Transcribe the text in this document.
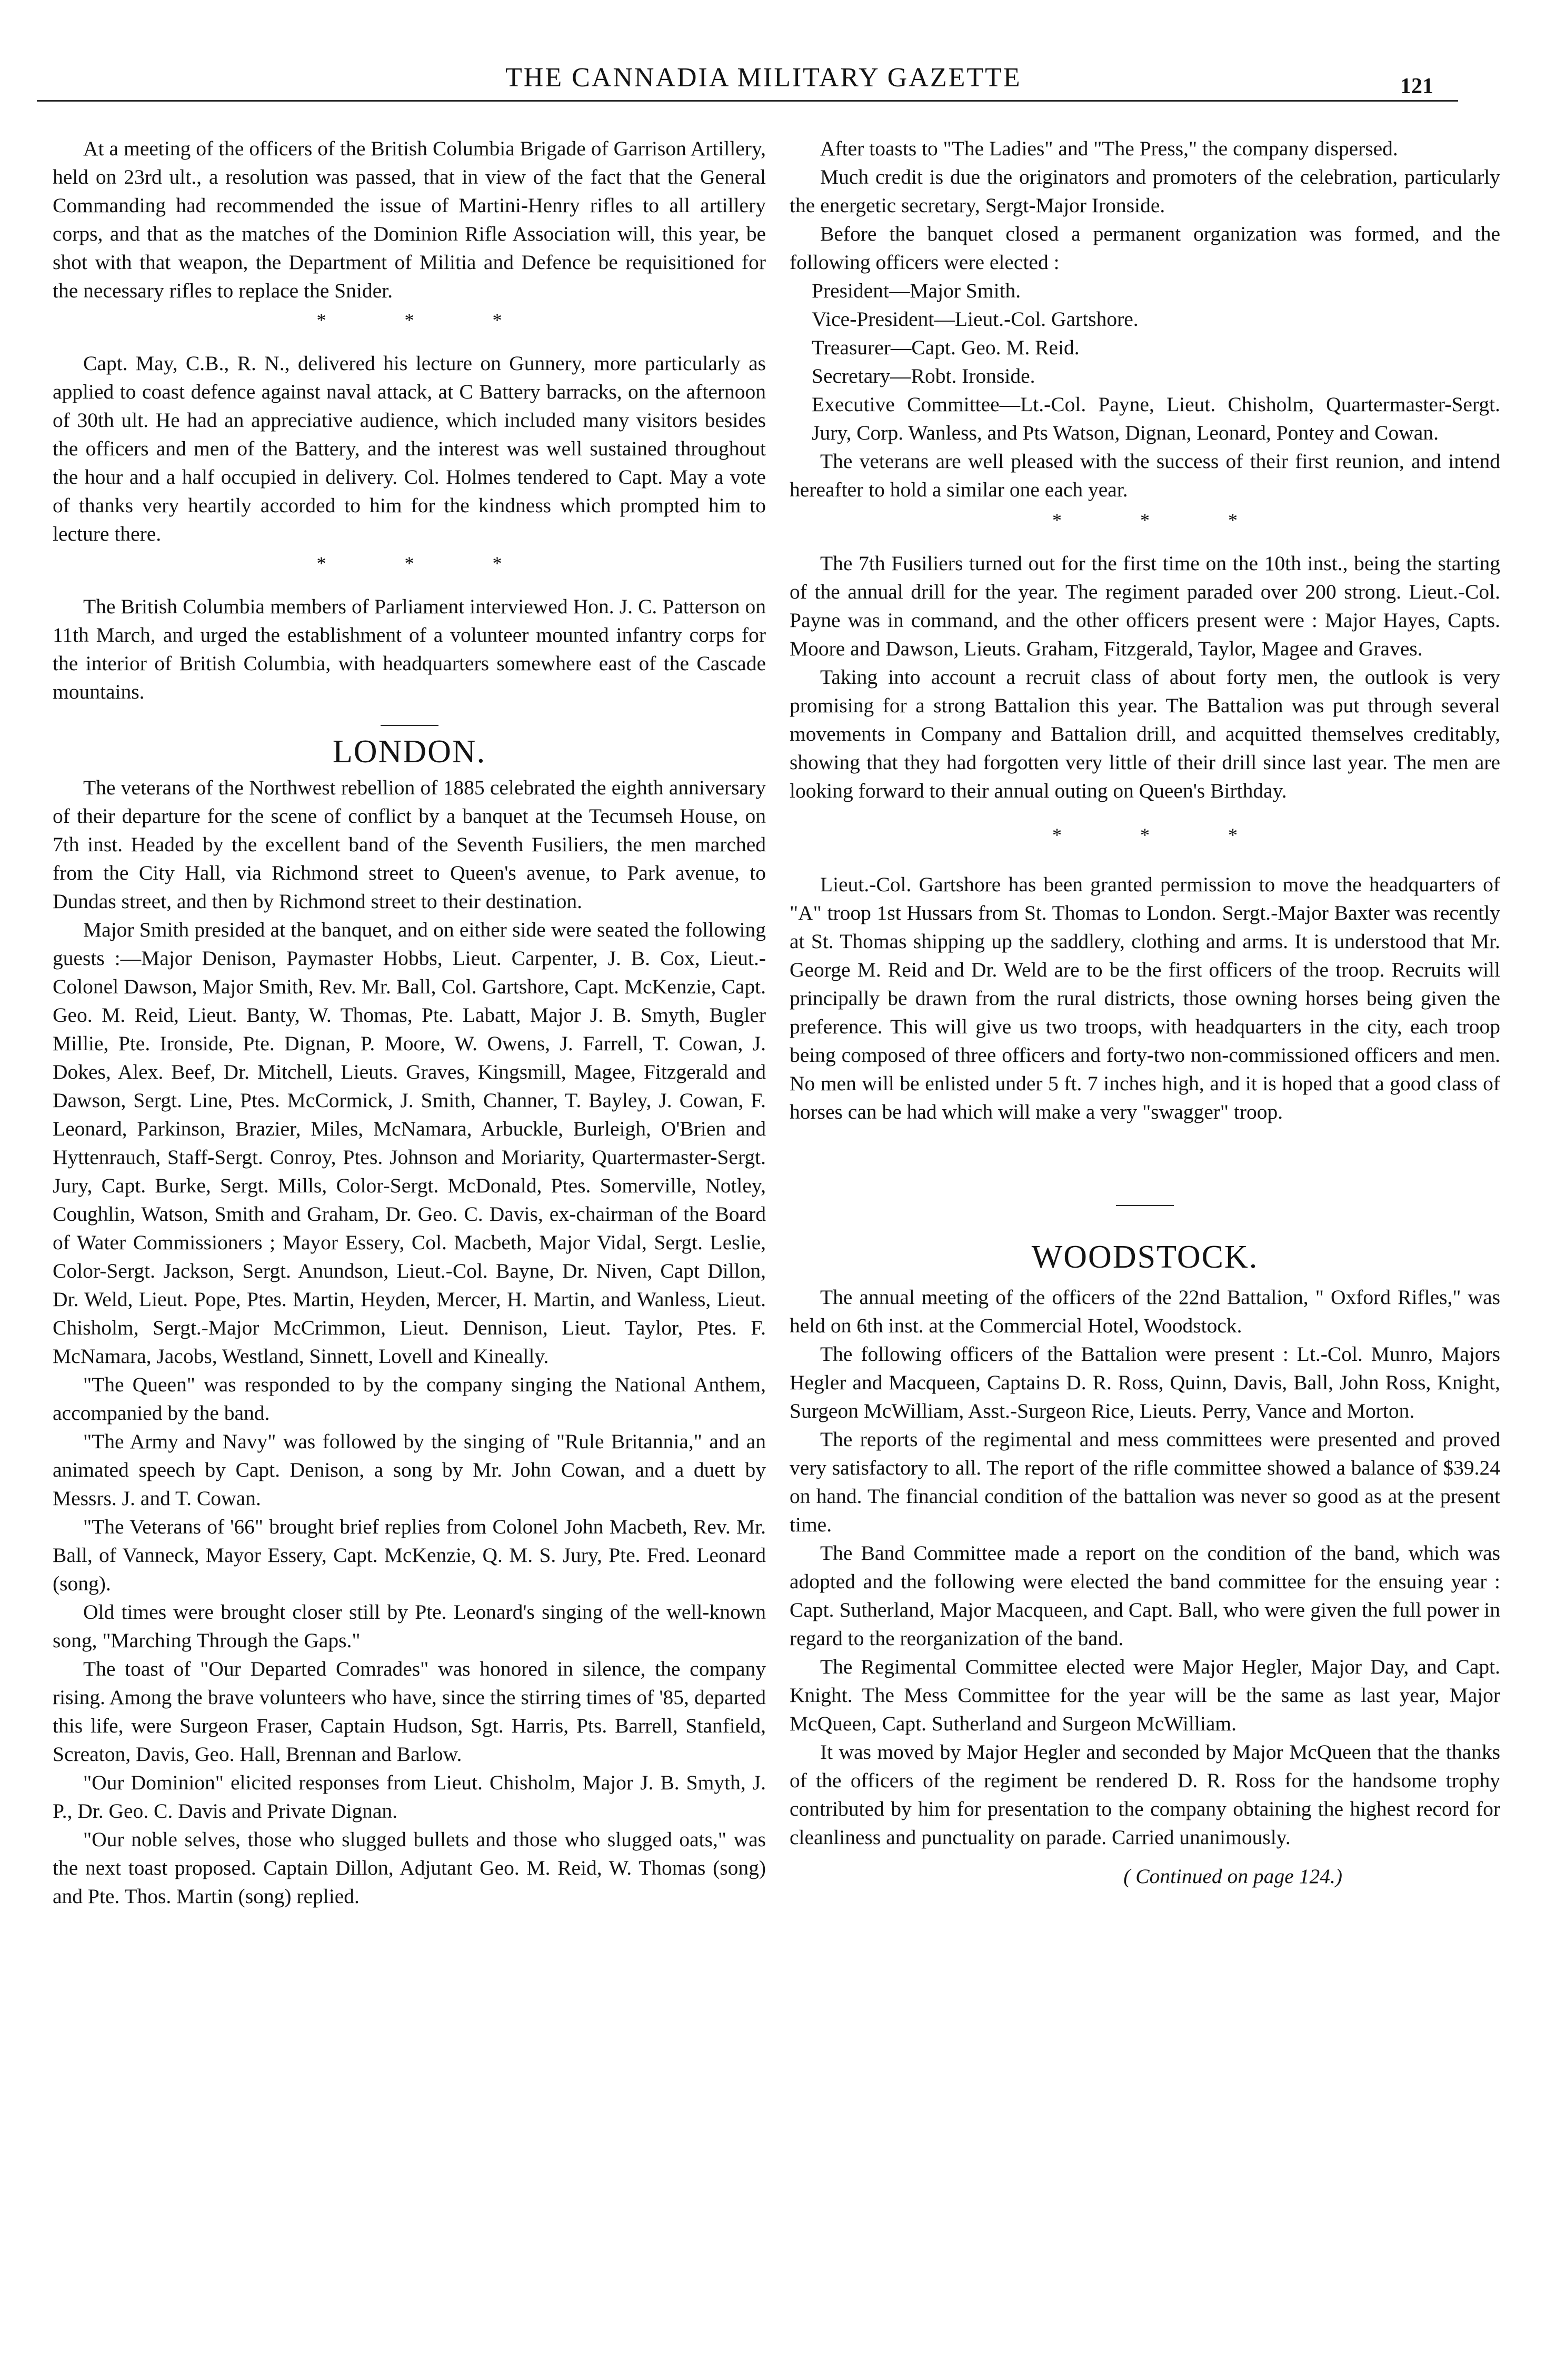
THE CANNADIA MILITARY GAZETTE	121

At a meeting of the officers of the British Columbia Brigade of Garrison Artillery, held on 23rd ult., a resolution was passed, that in view of the fact that the General Commanding had recommended the issue of Martini-Henry rifles to all artillery corps, and that as the matches of the Dominion Rifle Association will, this year, be shot with that weapon, the Department of Militia and Defence be requisitioned for the necessary rifles to replace the Snider.

* * *

Capt. May, C.B., R. N., delivered his lecture on Gunnery, more particularly as applied to coast defence against naval attack, at C Battery barracks, on the afternoon of 30th ult. He had an appreciative audience, which included many visitors besides the officers and men of the Battery, and the interest was well sustained throughout the hour and a half occupied in delivery. Col. Holmes tendered to Capt. May a vote of thanks very heartily accorded to him for the kindness which prompted him to lecture there.

* * *

The British Columbia members of Parliament interviewed Hon. J. C. Patterson on 11th March, and urged the establishment of a volunteer mounted infantry corps for the interior of British Columbia, with headquarters somewhere east of the Cascade mountains.

LONDON.

The veterans of the Northwest rebellion of 1885 celebrated the eighth anniversary of their departure for the scene of conflict by a banquet at the Tecumseh House, on 7th inst. Headed by the excellent band of the Seventh Fusiliers, the men marched from the City Hall, via Richmond street to Queen's avenue, to Park avenue, to Dundas street, and then by Richmond street to their destination.

Major Smith presided at the banquet, and on either side were seated the following guests :—Major Denison, Paymaster Hobbs, Lieut. Carpenter, J. B. Cox, Lieut.-Colonel Dawson, Major Smith, Rev. Mr. Ball, Col. Gartshore, Capt. McKenzie, Capt. Geo. M. Reid, Lieut. Banty, W. Thomas, Pte. Labatt, Major J. B. Smyth, Bugler Millie, Pte. Ironside, Pte. Dignan, P. Moore, W. Owens, J. Farrell, T. Cowan, J. Dokes, Alex. Beef, Dr. Mitchell, Lieuts. Graves, Kingsmill, Magee, Fitzgerald and Dawson, Sergt. Line, Ptes. McCormick, J. Smith, Channer, T. Bayley, J. Cowan, F. Leonard, Parkinson, Brazier, Miles, McNamara, Arbuckle, Burleigh, O'Brien and Hyttenrauch, Staff-Sergt. Conroy, Ptes. Johnson and Moriarity, Quartermaster-Sergt. Jury, Capt. Burke, Sergt. Mills, Color-Sergt. McDonald, Ptes. Somerville, Notley, Coughlin, Watson, Smith and Graham, Dr. Geo. C. Davis, ex-chairman of the Board of Water Commissioners ; Mayor Essery, Col. Macbeth, Major Vidal, Sergt. Leslie, Color-Sergt. Jackson, Sergt. Anundson, Lieut.-Col. Bayne, Dr. Niven, Capt Dillon, Dr. Weld, Lieut. Pope, Ptes. Martin, Heyden, Mercer, H. Martin, and Wanless, Lieut. Chisholm, Sergt.-Major McCrimmon, Lieut. Dennison, Lieut. Taylor, Ptes. F. McNamara, Jacobs, Westland, Sinnett, Lovell and Kineally.

"The Queen" was responded to by the company singing the National Anthem, accompanied by the band.

"The Army and Navy" was followed by the singing of "Rule Britannia," and an animated speech by Capt. Denison, a song by Mr. John Cowan, and a duett by Messrs. J. and T. Cowan.

"The Veterans of '66" brought brief replies from Colonel John Macbeth, Rev. Mr. Ball, of Vanneck, Mayor Essery, Capt. McKenzie, Q. M. S. Jury, Pte. Fred. Leonard (song).

Old times were brought closer still by Pte. Leonard's singing of the well-known song, "Marching Through the Gaps."

The toast of "Our Departed Comrades" was honored in silence, the company rising. Among the brave volunteers who have, since the stirring times of '85, departed this life, were Surgeon Fraser, Captain Hudson, Sgt. Harris, Pts. Barrell, Stanfield, Screaton, Davis, Geo. Hall, Brennan and Barlow.

"Our Dominion" elicited responses from Lieut. Chisholm, Major J. B. Smyth, J. P., Dr. Geo. C. Davis and Private Dignan.

"Our noble selves, those who slugged bullets and those who slugged oats," was the next toast proposed. Captain Dillon, Adjutant Geo. M. Reid, W. Thomas (song) and Pte. Thos. Martin (song) replied.

After toasts to "The Ladies" and "The Press," the company dispersed.

Much credit is due the originators and promoters of the celebration, particularly the energetic secretary, Sergt-Major Ironside.

Before the banquet closed a permanent organization was formed, and the following officers were elected :

President—Major Smith.

Vice-President—Lieut.-Col. Gartshore.

Treasurer—Capt. Geo. M. Reid.

Secretary—Robt. Ironside.

Executive Committee—Lt.-Col. Payne, Lieut. Chisholm, Quartermaster-Sergt. Jury, Corp. Wanless, and Pts Watson, Dignan, Leonard, Pontey and Cowan.

The veterans are well pleased with the success of their first reunion, and intend hereafter to hold a similar one each year.

* * *

The 7th Fusiliers turned out for the first time on the 10th inst., being the starting of the annual drill for the year. The regiment paraded over 200 strong. Lieut.-Col. Payne was in command, and the other officers present were : Major Hayes, Capts. Moore and Dawson, Lieuts. Graham, Fitzgerald, Taylor, Magee and Graves.

Taking into account a recruit class of about forty men, the outlook is very promising for a strong Battalion this year. The Battalion was put through several movements in Company and Battalion drill, and acquitted themselves creditably, showing that they had forgotten very little of their drill since last year. The men are looking forward to their annual outing on Queen's Birthday.

* * *

Lieut.-Col. Gartshore has been granted permission to move the headquarters of "A" troop 1st Hussars from St. Thomas to London. Sergt.-Major Baxter was recently at St. Thomas shipping up the saddlery, clothing and arms. It is understood that Mr. George M. Reid and Dr. Weld are to be the first officers of the troop. Recruits will principally be drawn from the rural districts, those owning horses being given the preference. This will give us two troops, with headquarters in the city, each troop being composed of three officers and forty-two non-commissioned officers and men. No men will be enlisted under 5 ft. 7 inches high, and it is hoped that a good class of horses can be had which will make a very "swagger" troop.

WOODSTOCK.

The annual meeting of the officers of the 22nd Battalion, " Oxford Rifles," was held on 6th inst. at the Commercial Hotel, Woodstock.

The following officers of the Battalion were present : Lt.-Col. Munro, Majors Hegler and Macqueen, Captains D. R. Ross, Quinn, Davis, Ball, John Ross, Knight, Surgeon McWilliam, Asst.-Surgeon Rice, Lieuts. Perry, Vance and Morton.

The reports of the regimental and mess committees were presented and proved very satisfactory to all. The report of the rifle committee showed a balance of $39.24 on hand. The financial condition of the battalion was never so good as at the present time.

The Band Committee made a report on the condition of the band, which was adopted and the following were elected the band committee for the ensuing year : Capt. Sutherland, Major Macqueen, and Capt. Ball, who were given the full power in regard to the reorganization of the band.

The Regimental Committee elected were Major Hegler, Major Day, and Capt. Knight. The Mess Committee for the year will be the same as last year, Major McQueen, Capt. Sutherland and Surgeon McWilliam.

It was moved by Major Hegler and seconded by Major McQueen that the thanks of the officers of the regiment be rendered D. R. Ross for the handsome trophy contributed by him for presentation to the company obtaining the highest record for cleanliness and punctuality on parade. Carried unanimously.

( Continued on page 124.)
